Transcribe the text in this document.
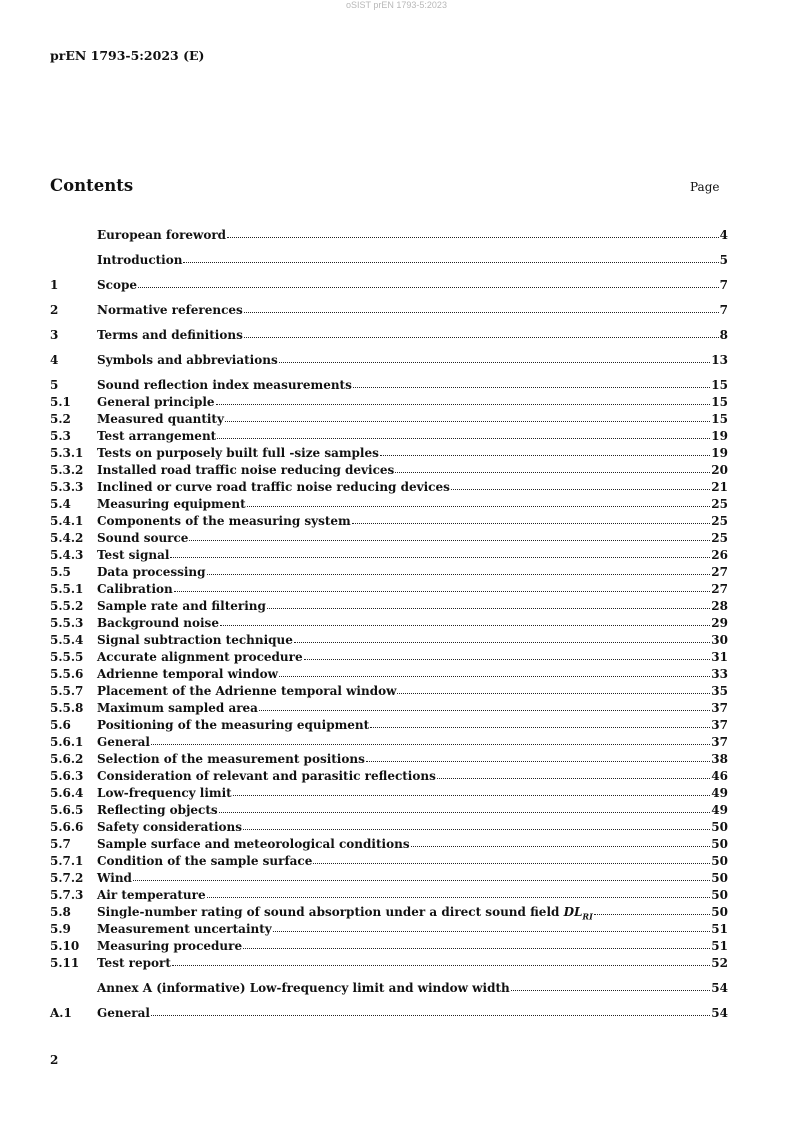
oSIST prEN 1793-5:2023
prEN 1793-5:2023 (E)
Contents	Page
European foreword	4
Introduction	5
1	Scope	7
2	Normative references	7
3	Terms and definitions	8
4	Symbols and abbreviations	13
5	Sound reflection index measurements	15
5.1	General principle	15
5.2	Measured quantity	15
5.3	Test arrangement	19
5.3.1	Tests on purposely built full -size samples	19
5.3.2	Installed road traffic noise reducing devices	20
5.3.3	Inclined or curve road traffic noise reducing devices	21
5.4	Measuring equipment	25
5.4.1	Components of the measuring system	25
5.4.2	Sound source	25
5.4.3	Test signal	26
5.5	Data processing	27
5.5.1	Calibration	27
5.5.2	Sample rate and filtering	28
5.5.3	Background noise	29
5.5.4	Signal subtraction technique	30
5.5.5	Accurate alignment procedure	31
5.5.6	Adrienne temporal window	33
5.5.7	Placement of the Adrienne temporal window	35
5.5.8	Maximum sampled area	37
5.6	Positioning of the measuring equipment	37
5.6.1	General	37
5.6.2	Selection of the measurement positions	38
5.6.3	Consideration of relevant and parasitic reflections	46
5.6.4	Low-frequency limit	49
5.6.5	Reflecting objects	49
5.6.6	Safety considerations	50
5.7	Sample surface and meteorological conditions	50
5.7.1	Condition of the sample surface	50
5.7.2	Wind	50
5.7.3	Air temperature	50
5.8	Single-number rating of sound absorption under a direct sound field $DL_{RI}$	50
5.9	Measurement uncertainty	51
5.10	Measuring procedure	51
5.11	Test report	52
Annex A (informative) Low-frequency limit and window width	54
A.1	General	54
2
